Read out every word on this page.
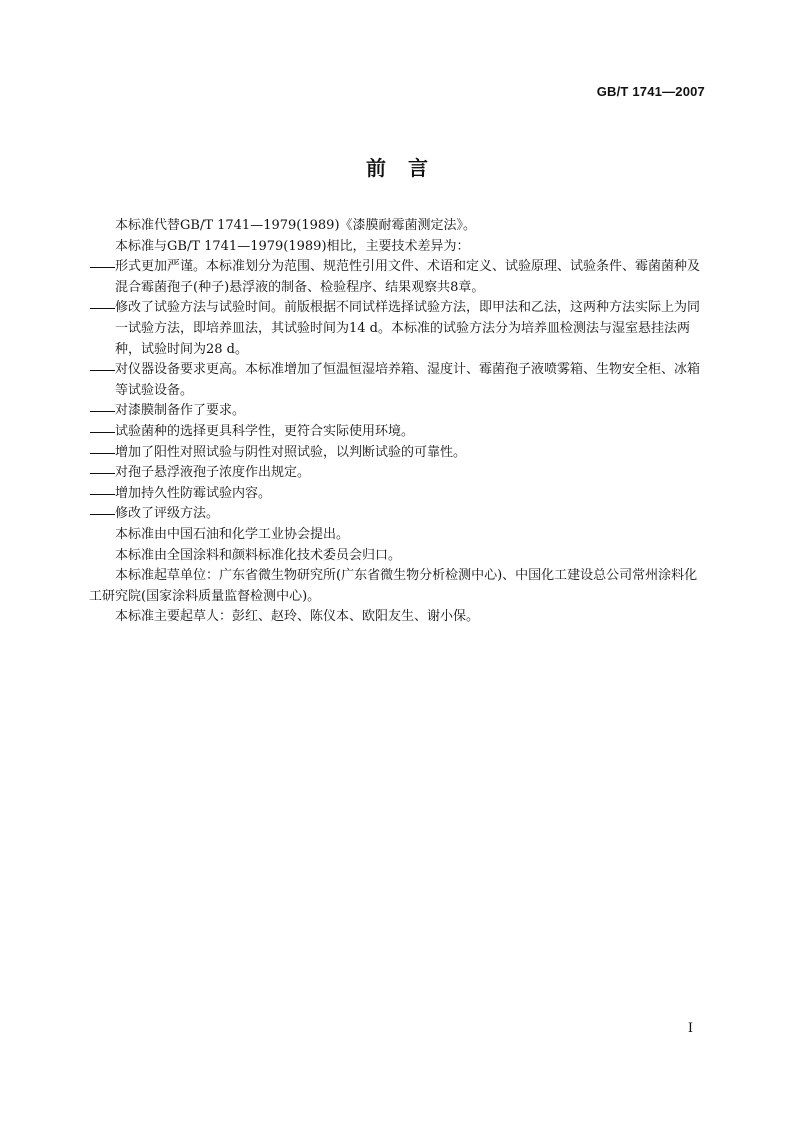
GB/T 1741—2007
前言

本标准代替GB/T 1741—1979(1989)《漆膜耐霉菌测定法》。

本标准与GB/T 1741—1979(1989)相比，主要技术差异为：

形式更加严谨。本标准划分为范围、规范性引用文件、术语和定义、试验原理、试验条件、霉菌菌种及混合霉菌孢子(种子)悬浮液的制备、检验程序、结果观察共8章。
修改了试验方法与试验时间。前版根据不同试样选择试验方法，即甲法和乙法，这两种方法实际上为同一试验方法，即培养皿法，其试验时间为14 d。本标准的试验方法分为培养皿检测法与湿室悬挂法两种，试验时间为28 d。
对仪器设备要求更高。本标准增加了恒温恒湿培养箱、湿度计、霉菌孢子液喷雾箱、生物安全柜、冰箱等试验设备。
对漆膜制备作了要求。
试验菌种的选择更具科学性，更符合实际使用环境。
增加了阳性对照试验与阴性对照试验，以判断试验的可靠性。
对孢子悬浮液孢子浓度作出规定。
增加持久性防霉试验内容。
修改了评级方法。

本标准由中国石油和化学工业协会提出。

本标准由全国涂料和颜料标准化技术委员会归口。

本标准起草单位：广东省微生物研究所(广东省微生物分析检测中心)、中国化工建设总公司常州涂料化工研究院(国家涂料质量监督检测中心)。

本标准主要起草人：彭红、赵玲、陈仪本、欧阳友生、谢小保。

I
